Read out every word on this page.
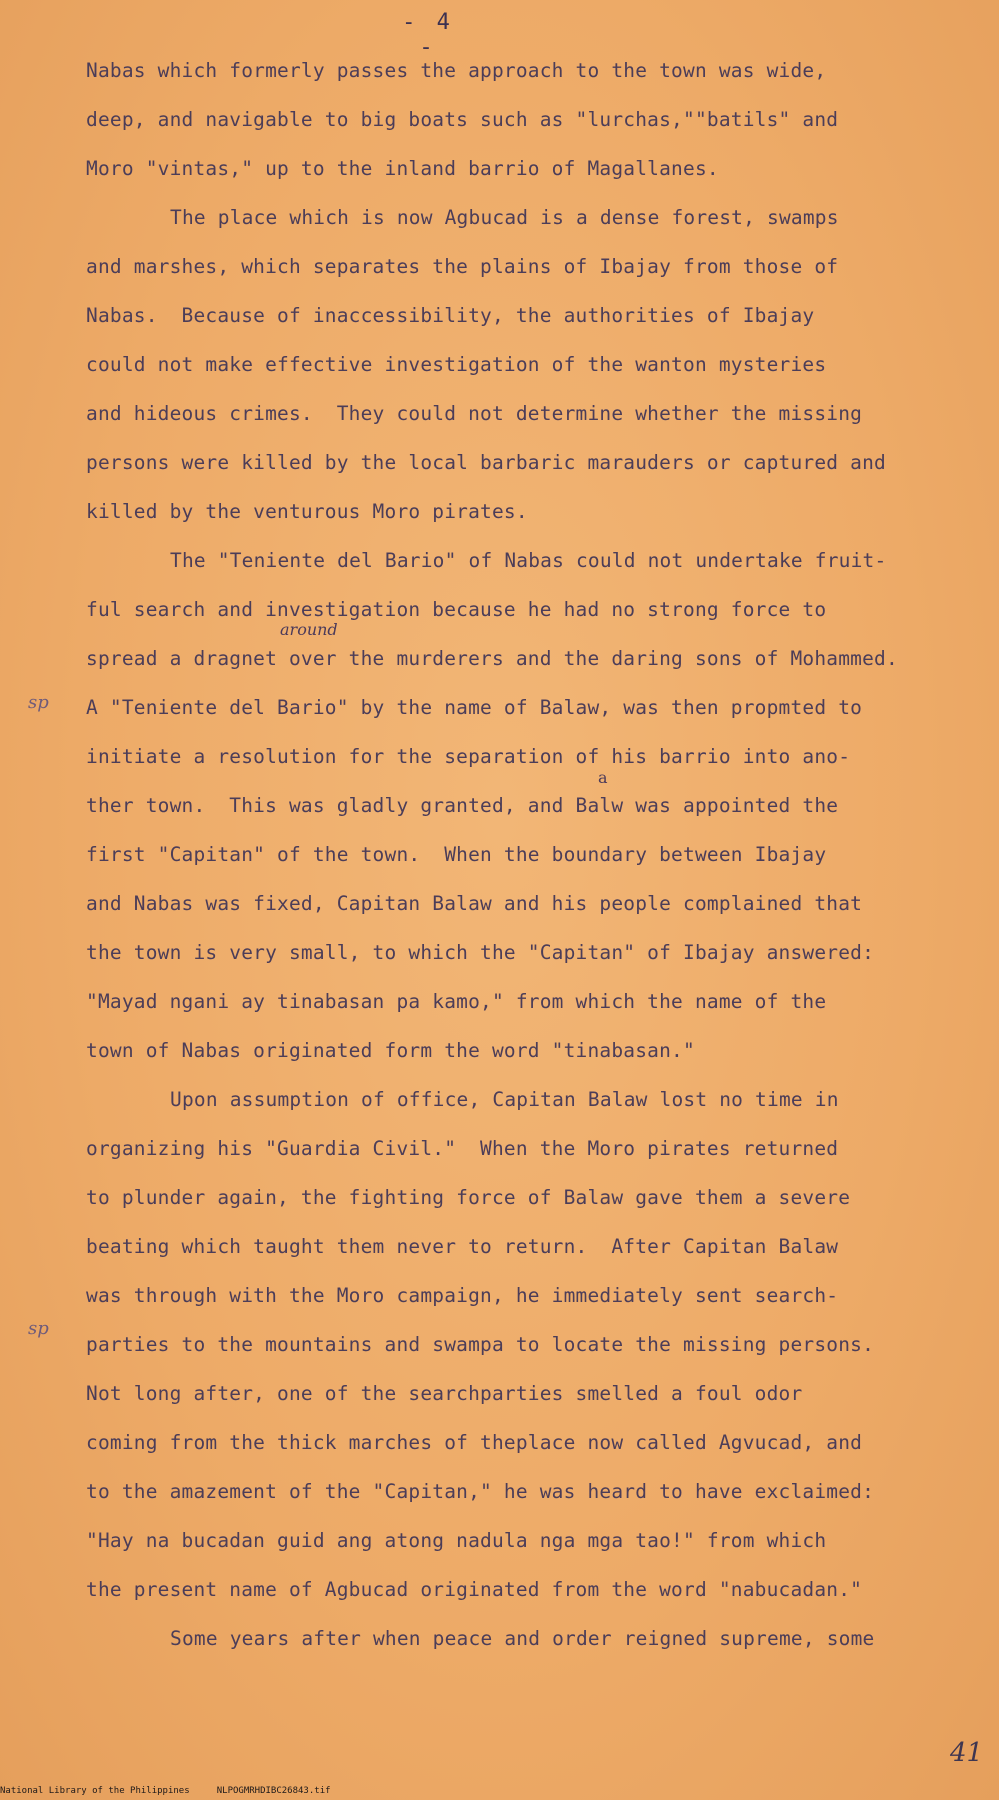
- 4 -
Nabas which formerly passes the approach to the town was wide,
deep, and navigable to big boats such as "lurchas,""batils" and
Moro "vintas," up to the inland barrio of Magallanes.
The place which is now Agbucad is a dense forest, swamps
and marshes, which separates the plains of Ibajay from those of
Nabas.  Because of inaccessibility, the authorities of Ibajay
could not make effective investigation of the wanton mysteries
and hideous crimes.  They could not determine whether the missing
persons were killed by the local barbaric marauders or captured and
killed by the venturous Moro pirates.
The "Teniente del Bario" of Nabas could not undertake fruit-
ful search and investigation because he had no strong force to
spread a dragnet over the murderers and the daring sons of Mohammed.
A "Teniente del Bario" by the name of Balaw, was then propmted to
initiate a resolution for the separation of his barrio into ano-
ther town.  This was gladly granted, and Balw was appointed the
first "Capitan" of the town.  When the boundary between Ibajay
and Nabas was fixed, Capitan Balaw and his people complained that
the town is very small, to which the "Capitan" of Ibajay answered:
"Mayad ngani ay tinabasan pa kamo," from which the name of the
town of Nabas originated form the word "tinabasan."
Upon assumption of office, Capitan Balaw lost no time in
organizing his "Guardia Civil."  When the Moro pirates returned
to plunder again, the fighting force of Balaw gave them a severe
beating which taught them never to return.  After Capitan Balaw
was through with the Moro campaign, he immediately sent search-
parties to the mountains and swampa to locate the missing persons.
Not long after, one of the searchparties smelled a foul odor
coming from the thick marches of theplace now called Agvucad, and
to the amazement of the "Capitan," he was heard to have exclaimed:
"Hay na bucadan guid ang atong nadula nga mga tao!" from which
the present name of Agbucad originated from the word "nabucadan."
Some years after when peace and order reigned supreme, some
around
a
sp
sp
41
National Library of the Philippines     NLPOGMRHDIBC26843.tif
